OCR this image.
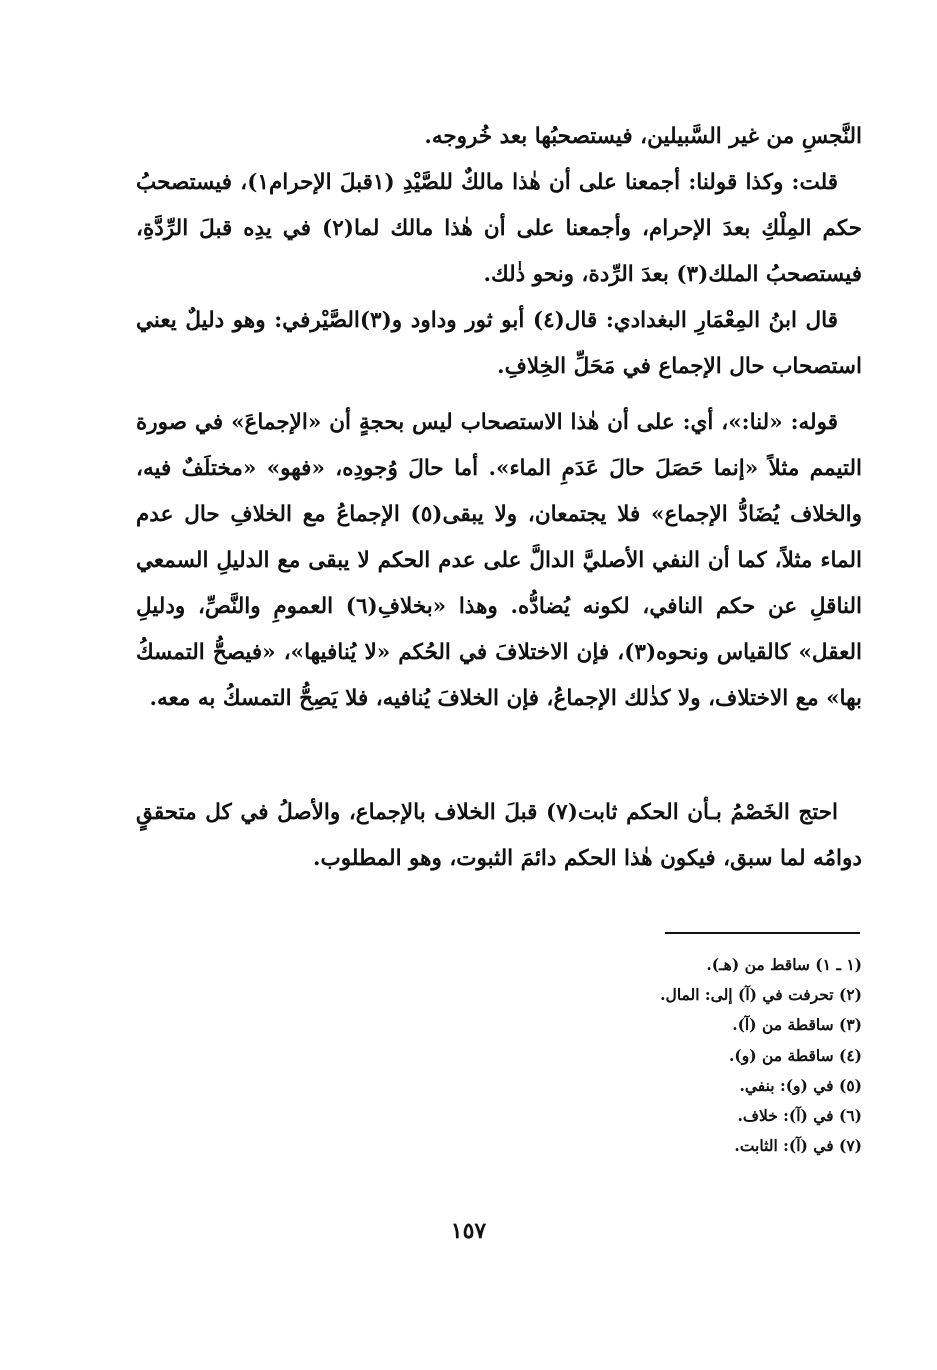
النَّجسِ من غير السَّبيلين، فيستصحبُها بعد خُروجه.

قلت: وكذا قولنا: أجمعنا على أن هٰذا مالكٌ للصَّيْدِ (١قبلَ الإحرام١)، فيستصحبُ حكم المِلْكِ بعدَ الإحرام، وأجمعنا على أن هٰذا مالك لما(٢) في يدِه قبلَ الرِّدَّةِ، فيستصحبُ الملك(٣) بعدَ الرِّدة، ونحو ذٰلك.

قال ابنُ المِعْمَارِ البغدادي: قال(٤) أبو ثور وداود و(٣)الصَّيْرفي: وهو دليلٌ يعني استصحاب حال الإجماع في مَحَلِّ الخِلافِ.

قوله: «لنا:»، أي: على أن هٰذا الاستصحاب ليس بحجةٍ أن «الإجماعَ» في صورة التيمم مثلاً «إنما حَصَلَ حالَ عَدَمِ الماء». أما حالَ وُجودِه، «فهو» «مختلَفٌ فيه، والخلاف يُضَادُّ الإجماع» فلا يجتمعان، ولا يبقى(٥) الإجماعُ مع الخلافِ حال عدم الماء مثلاً، كما أن النفي الأصليَّ الدالَّ على عدم الحكم لا يبقى مع الدليلِ السمعي الناقلِ عن حكم النافي، لكونه يُضادُّه. وهذا «بخلافِ(٦) العمومِ والنَّصِّ، ودليلِ العقل» كالقياس ونحوه(٣)، فإن الاختلافَ في الحُكم «لا يُنافيها»، «فيصحُّ التمسكُ بها» مع الاختلاف، ولا كذٰلك الإجماعُ، فإن الخلافَ يُنافيه، فلا يَصِحُّ التمسكُ به معه.

احتج الخَصْمُ بـأن الحكم ثابت(٧) قبلَ الخلاف بالإجماع، والأصلُ في كل متحققٍ دوامُه لما سبق، فيكون هٰذا الحكم دائمَ الثبوت، وهو المطلوب.

(١ ـ ١) ساقط من (هـ).

(٢) تحرفت في (آ) إلى: المال.

(٣) ساقطة من (آ).

(٤) ساقطة من (و).

(٥) في (و): بنفي.

(٦) في (آ): خلاف.

(٧) في (آ): الثابت.

١٥٧
